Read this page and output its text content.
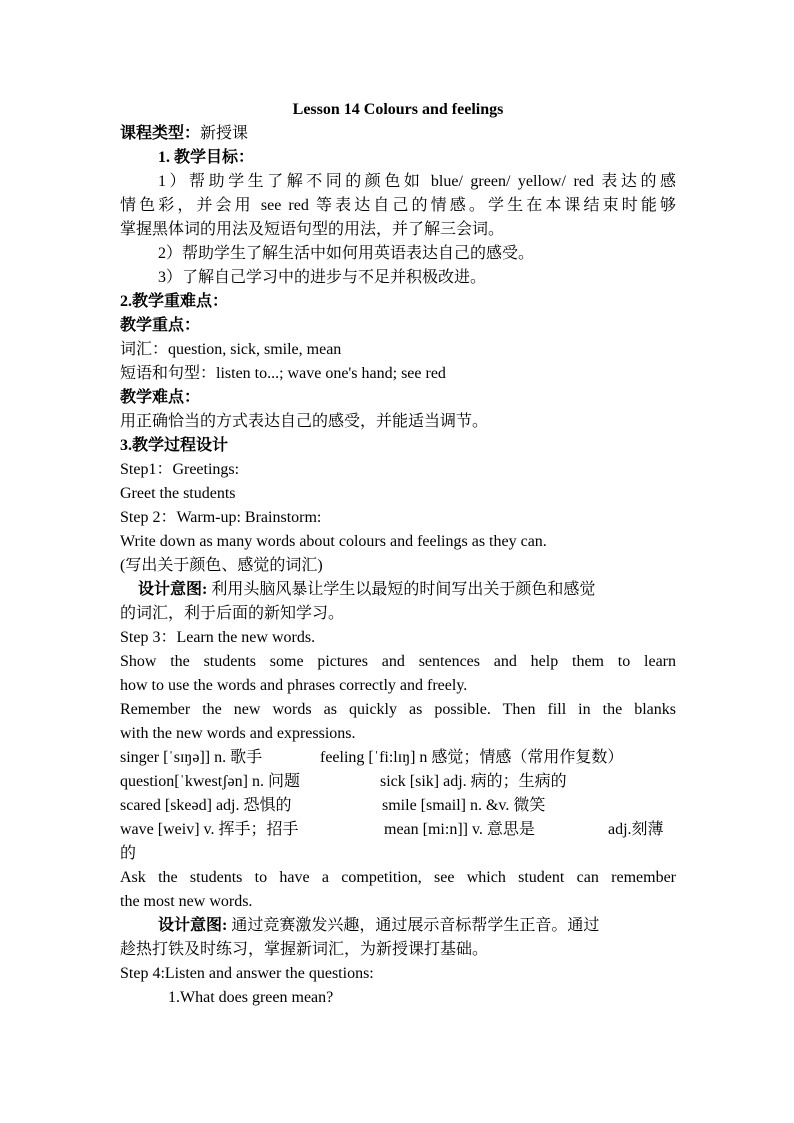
Lesson 14 Colours and feelings
课程类型：新授课
1. 教学目标：
1）帮助学生了解不同的颜色如 blue/ green/ yellow/ red 表达的感
情色彩，并会用 see red 等表达自己的情感。学生在本课结束时能够
掌握黑体词的用法及短语句型的用法，并了解三会词。
2）帮助学生了解生活中如何用英语表达自己的感受。
3）了解自己学习中的进步与不足并积极改进。
2.教学重难点：
教学重点：
词汇：question, sick, smile, mean
短语和句型：listen to...; wave one's hand; see red
教学难点：
用正确恰当的方式表达自己的感受，并能适当调节。
3.教学过程设计
Step1：Greetings:
Greet the students
Step 2：Warm-up: Brainstorm:
Write down as many words about colours and feelings as they can.
(写出关于颜色、感觉的词汇)
设计意图: 利用头脑风暴让学生以最短的时间写出关于颜色和感觉
的词汇，利于后面的新知学习。
Step 3：Learn the new words.
Show the students some pictures and sentences and help them to learn
how to use the words and phrases correctly and freely.
Remember the new words as quickly as possible. Then fill in the blanks
with the new words and expressions.
singer [ˈsɪŋə]] n. 歌手	feeling [ˈfi:lɪŋ] n 感觉；情感（常用作复数）
question[ˈkwestʃən] n. 问题	sick [sik] adj. 病的；生病的
scared [skeəd] adj. 恐惧的	smile [smail] n. &v. 微笑
wave [weiv] v. 挥手；招手	mean [mi:n]] v. 意思是	adj.刻薄
的
Ask the students to have a competition, see which student can remember
the most new words.
设计意图: 通过竞赛激发兴趣，通过展示音标帮学生正音。通过
趁热打铁及时练习，掌握新词汇，为新授课打基础。
Step 4:Listen and answer the questions:
1.What does green mean?
